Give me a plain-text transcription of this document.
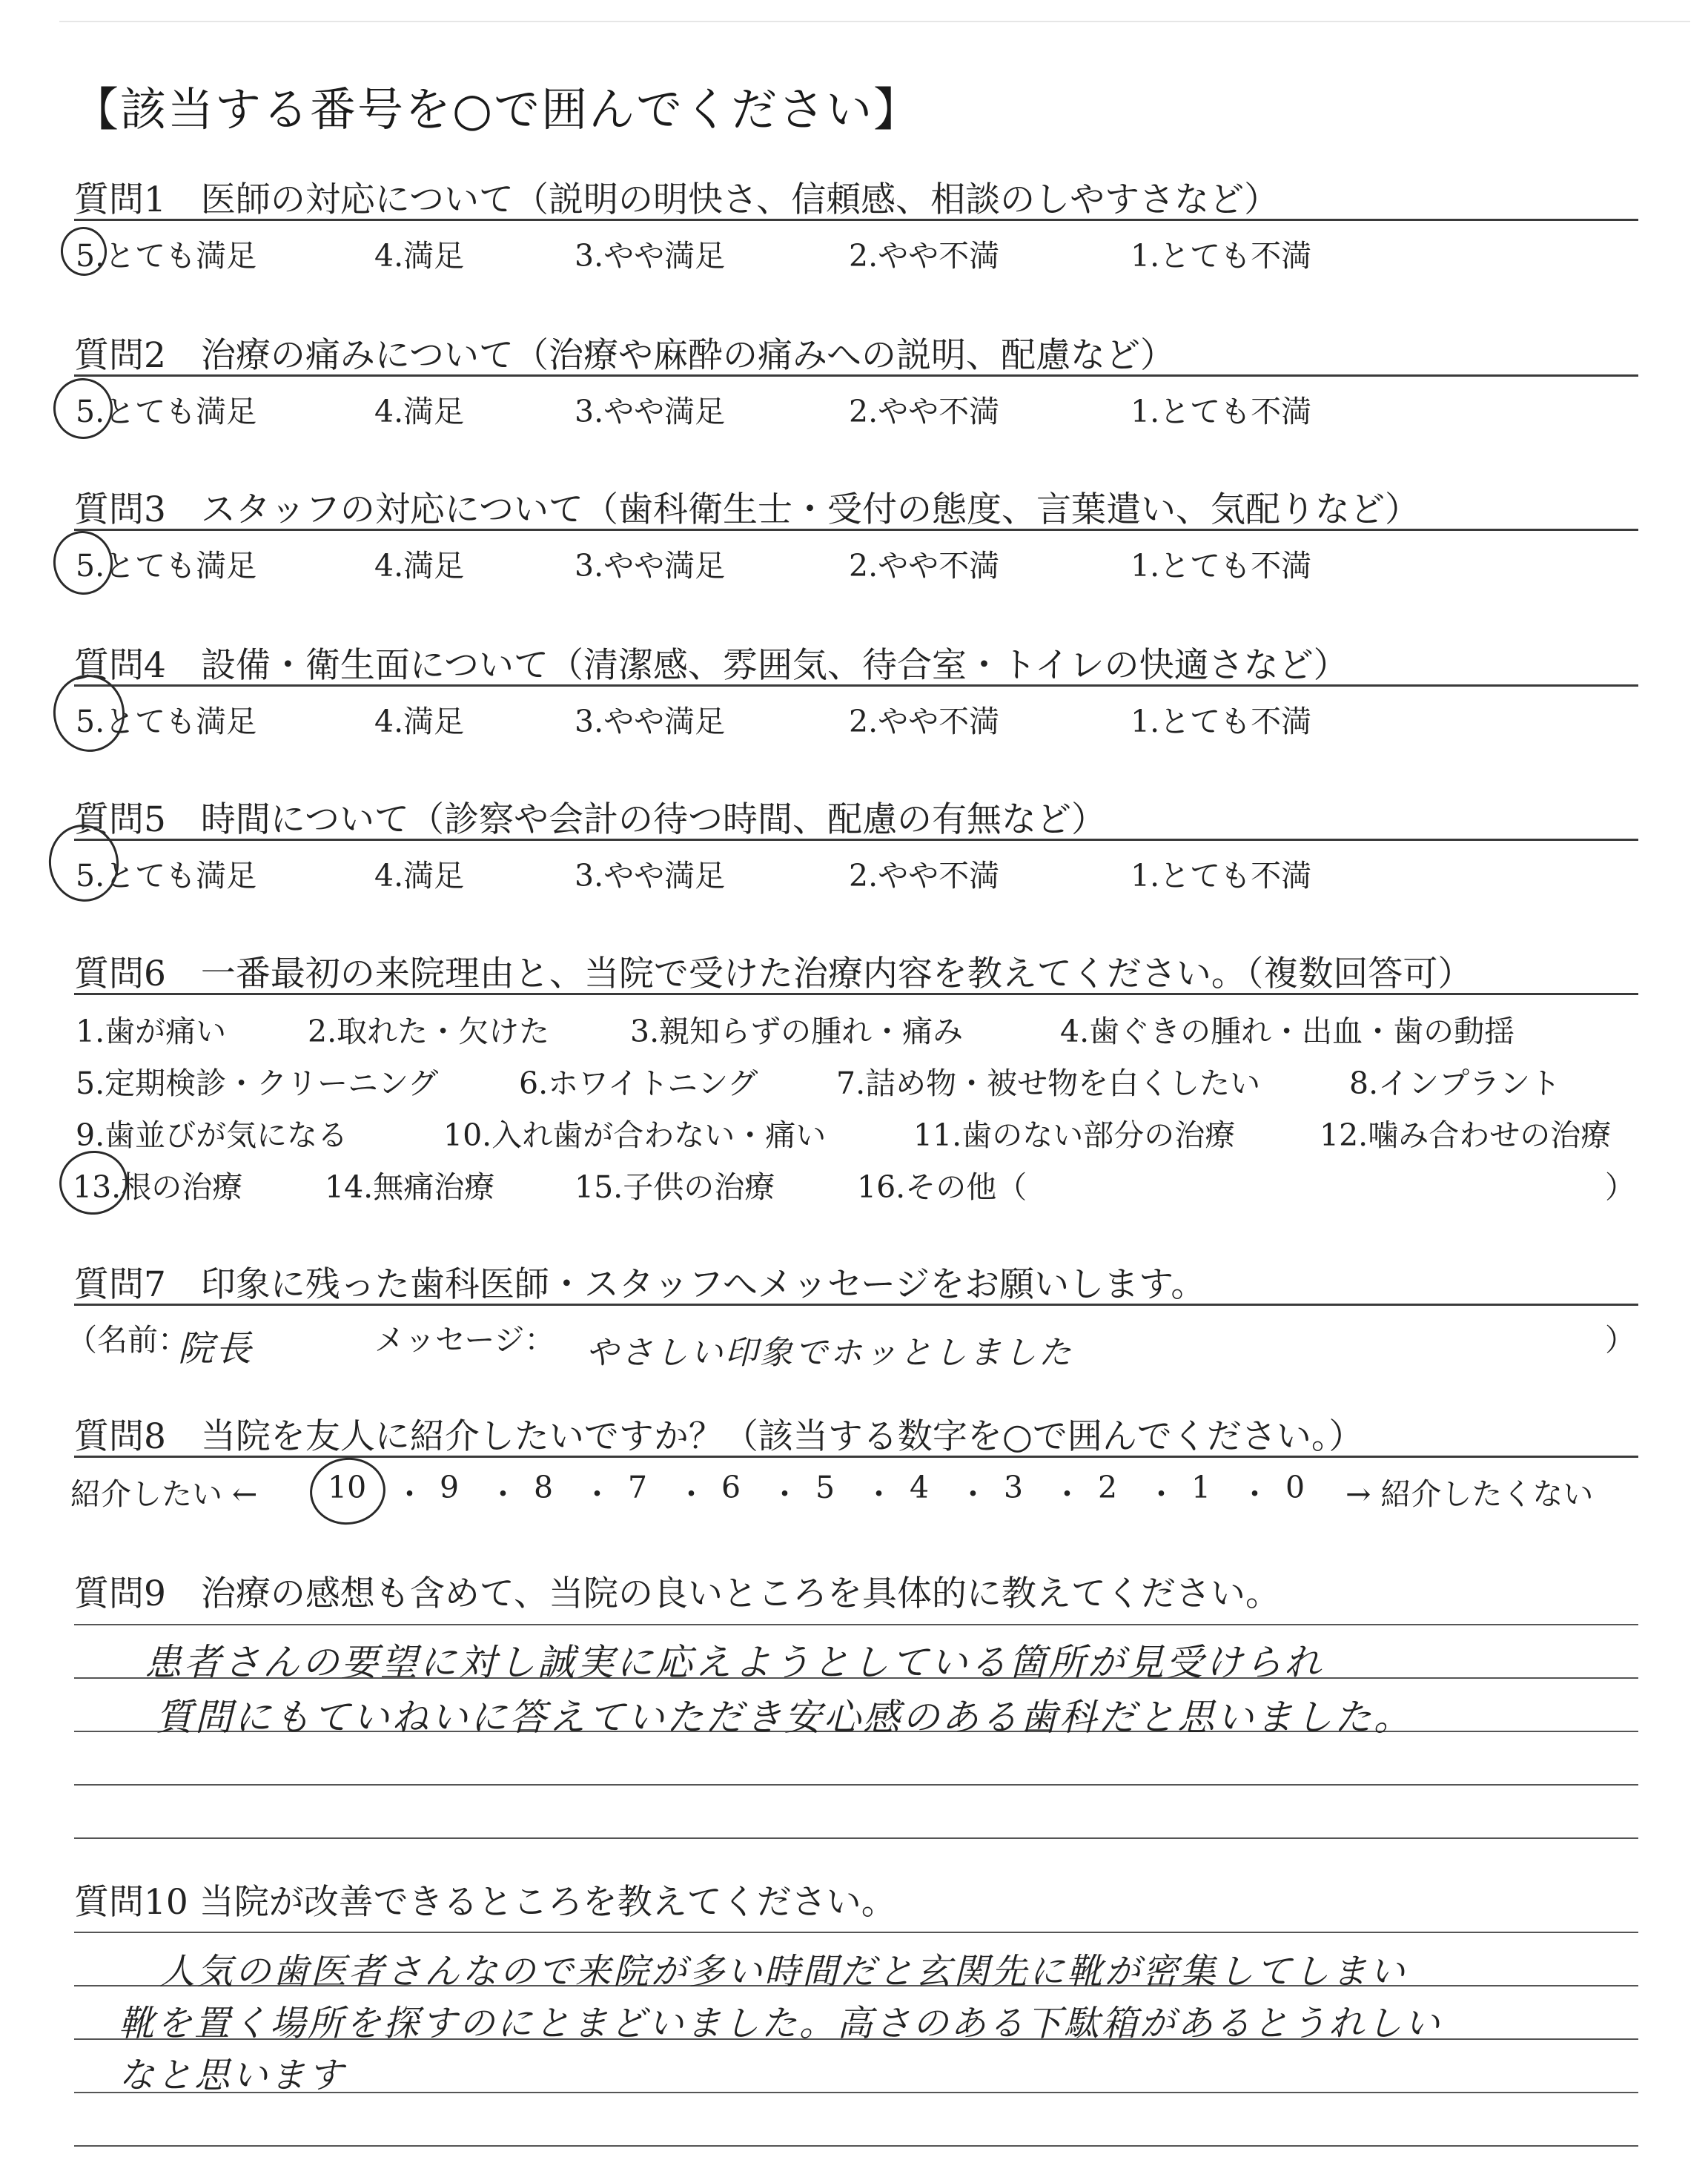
【該当する番号を○で囲んでください】
質問1　医師の対応について（説明の明快さ、信頼感、相談のしやすさなど）
5.とても満足	4.満足	3.やや満足	2.やや不満	1.とても不満
質問2　治療の痛みについて（治療や麻酔の痛みへの説明、配慮など）
5.とても満足	4.満足	3.やや満足	2.やや不満	1.とても不満
質問3　スタッフの対応について（歯科衛生士・受付の態度、言葉遣い、気配りなど）
5.とても満足	4.満足	3.やや満足	2.やや不満	1.とても不満
質問4　設備・衛生面について（清潔感、雰囲気、待合室・トイレの快適さなど）
5.とても満足	4.満足	3.やや満足	2.やや不満	1.とても不満
質問5　時間について（診察や会計の待つ時間、配慮の有無など）
5.とても満足	4.満足	3.やや満足	2.やや不満	1.とても不満
質問6　一番最初の来院理由と、当院で受けた治療内容を教えてください。（複数回答可）
1.歯が痛い	2.取れた・欠けた	3.親知らずの腫れ・痛み	4.歯ぐきの腫れ・出血・歯の動揺
5.定期検診・クリーニング	6.ホワイトニング	7.詰め物・被せ物を白くしたい	8.インプラント
9.歯並びが気になる	10.入れ歯が合わない・痛い	11.歯のない部分の治療	12.噛み合わせの治療
13.根の治療	14.無痛治療	15.子供の治療	16.その他（	）
質問7　印象に残った歯科医師・スタッフへメッセージをお願いします。
（名前：
院長	メッセージ： やさしい印象でホッとしました	）
質問8　当院を友人に紹介したいですか？（該当する数字を○で囲んでください。）
紹介したい ← 10 ・ 9 ・ 8 ・ 7 ・ 6 ・ 5 ・ 4 ・ 3 ・ 2 ・ 1 ・ 0 → 紹介したくない
質問9　治療の感想も含めて、当院の良いところを具体的に教えてください。
患者さんの要望に対し誠実に応えようとしている箇所が見受けられ
質問にもていねいに答えていただき安心感のある歯科だと思いました。
質問10 当院が改善できるところを教えてください。
人気の歯医者さんなので来院が多い時間だと玄関先に靴が密集してしまい
靴を置く場所を探すのにとまどいました。高さのある下駄箱があるとうれしい
なと思います
